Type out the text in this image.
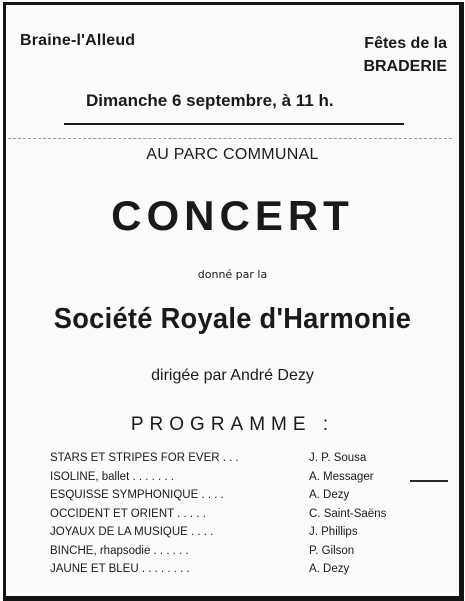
Braine-l'Alleud	Fêtes de la
BRADERIE
Dimanche 6 septembre, à 11 h.
AU PARC COMMUNAL
CONCERT
donné par la
Société Royale d'Harmonie
dirigée par André Dezy
PROGRAMME :
STARS ET STRIPES FOR EVER . . .	J. P. Sousa
ISOLINE, ballet . . . . . . .	A. Messager
ESQUISSE SYMPHONIQUE . . . .	A. Dezy
OCCIDENT ET ORIENT . . . . .	C. Saint-Saëns
JOYAUX DE LA MUSIQUE . . . .	J. Phillips
BINCHE, rhapsodie . . . . . .	P. Gilson
JAUNE ET BLEU . . . . . . . .	A. Dezy
